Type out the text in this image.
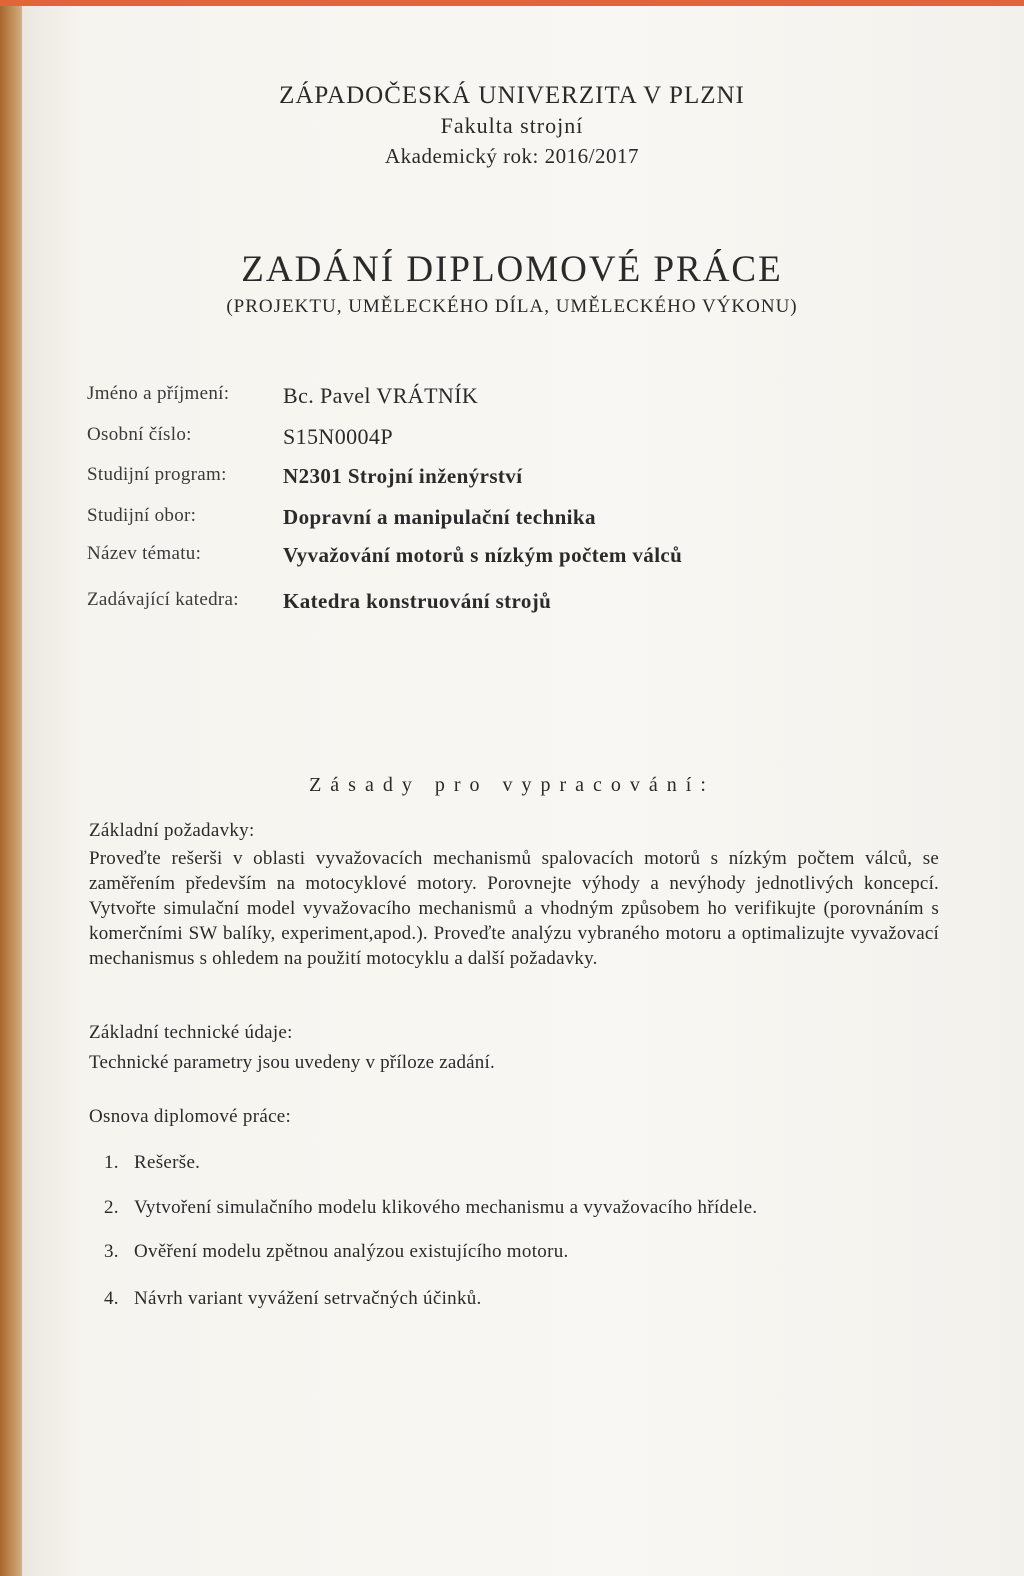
ZÁPADOČESKÁ UNIVERZITA V PLZNI
Fakulta strojní
Akademický rok: 2016/2017
ZADÁNÍ DIPLOMOVÉ PRÁCE
(PROJEKTU, UMĚLECKÉHO DÍLA, UMĚLECKÉHO VÝKONU)
Jméno a příjmení: Bc. Pavel VRÁTNÍK
Osobní číslo:	S15N0004P
Studijní program:	N2301 Strojní inženýrství
Studijní obor:	Dopravní a manipulační technika
Název tématu:	Vyvažování motorů s nízkým počtem válců
Zadávající katedra: Katedra konstruování strojů
Zásady pro vypracování:
Základní požadavky:
Proveďte rešerši v oblasti vyvažovacích mechanismů spalovacích motorů s nízkým počtem válců, se zaměřením především na motocyklové motory. Porovnejte výhody a nevýhody jednotlivých koncepcí. Vytvořte simulační model vyvažovacího mechanismů a vhodným způsobem ho verifikujte (porovnáním s komerčními SW balíky, experiment,apod.). Proveďte analýzu vybraného motoru a optimalizujte vyvažovací mechanismus s ohledem na použití motocyklu a další požadavky.
Základní technické údaje:
Technické parametry jsou uvedeny v příloze zadání.
Osnova diplomové práce:
1. Rešerše.
2. Vytvoření simulačního modelu klikového mechanismu a vyvažovacího hřídele.
3. Ověření modelu zpětnou analýzou existujícího motoru.
4. Návrh variant vyvážení setrvačných účinků.
